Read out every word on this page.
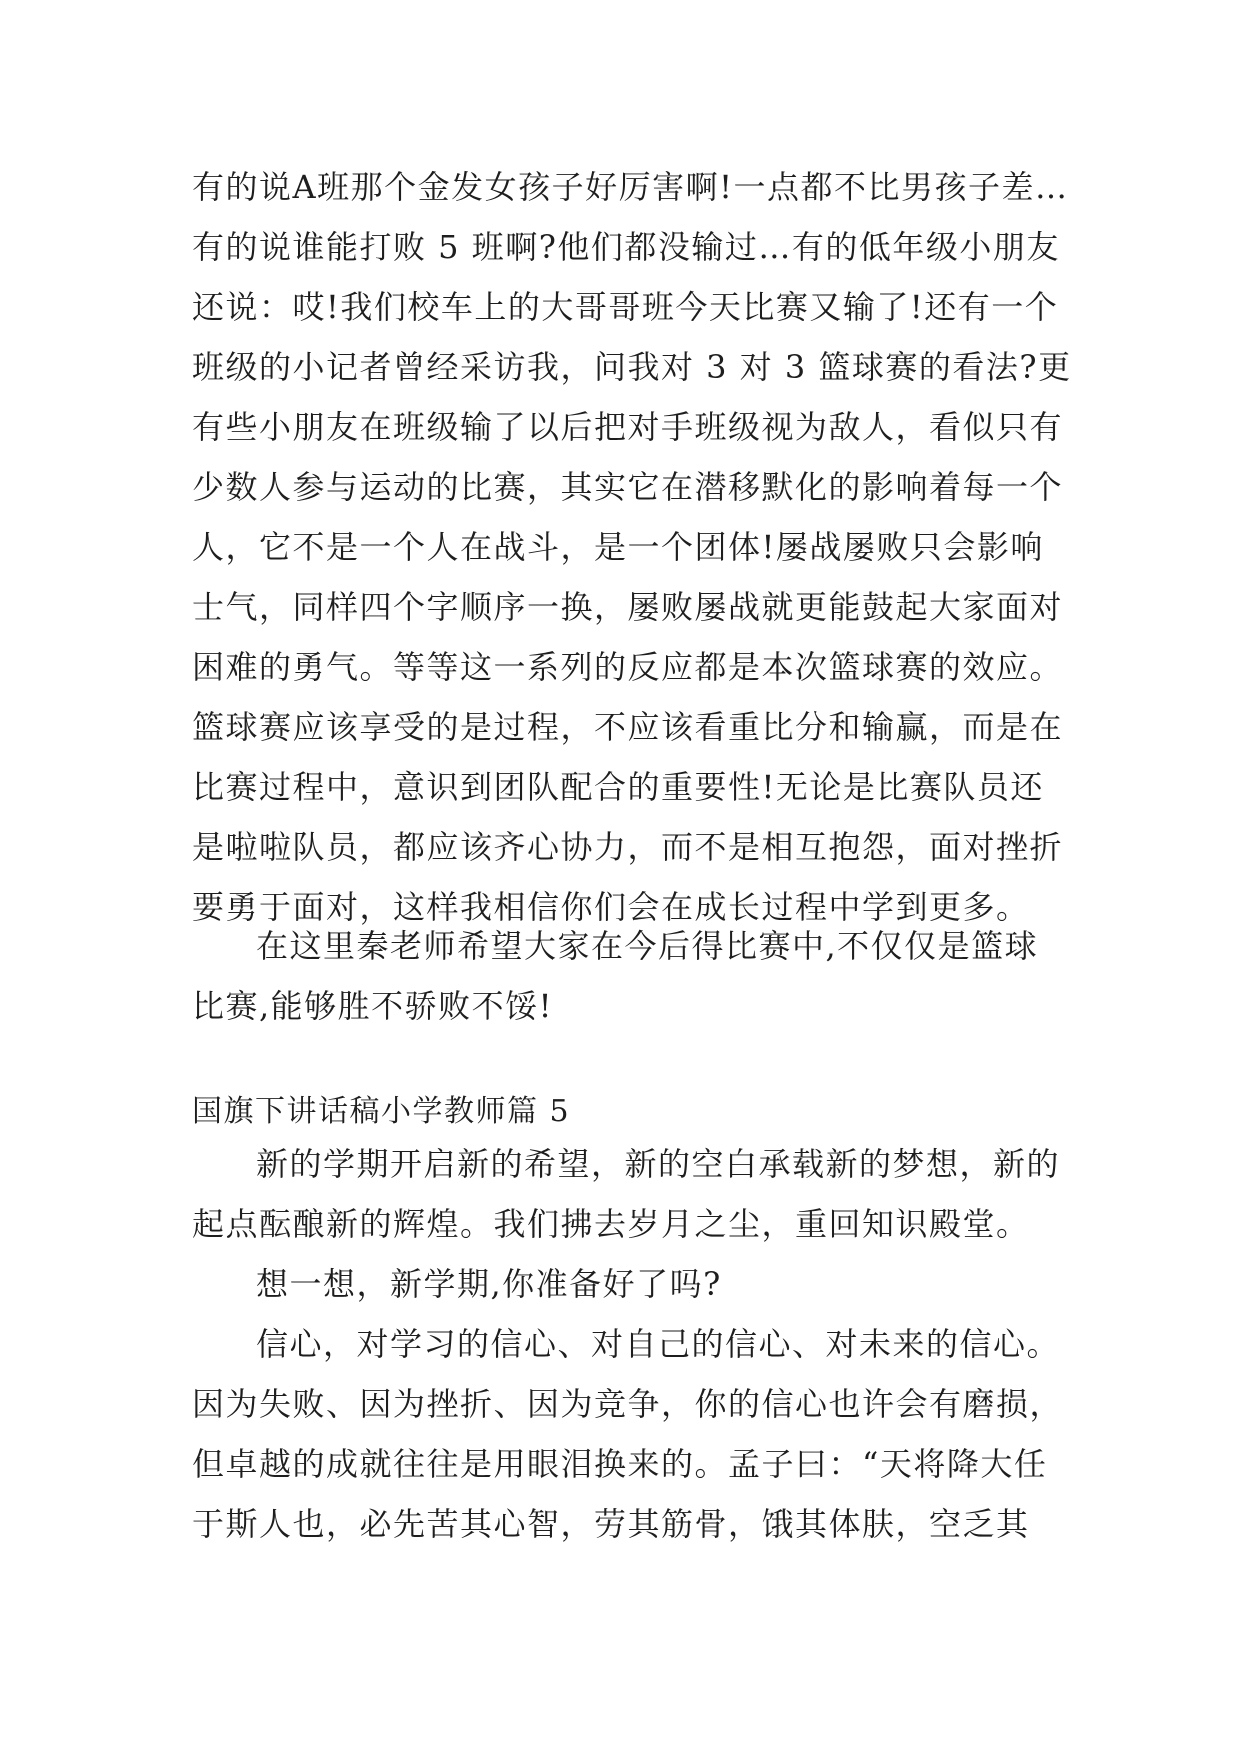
有的说A班那个金发女孩子好厉害啊!一点都不比男孩子差…
有的说谁能打败 5 班啊?他们都没输过…有的低年级小朋友
还说：哎!我们校车上的大哥哥班今天比赛又输了!还有一个
班级的小记者曾经采访我，问我对 3 对 3 篮球赛的看法?更
有些小朋友在班级输了以后把对手班级视为敌人，看似只有
少数人参与运动的比赛，其实它在潜移默化的影响着每一个
人，它不是一个人在战斗，是一个团体!屡战屡败只会影响
士气，同样四个字顺序一换，屡败屡战就更能鼓起大家面对
困难的勇气。等等这一系列的反应都是本次篮球赛的效应。
篮球赛应该享受的是过程，不应该看重比分和输赢，而是在
比赛过程中，意识到团队配合的重要性!无论是比赛队员还
是啦啦队员，都应该齐心协力，而不是相互抱怨，面对挫折
要勇于面对，这样我相信你们会在成长过程中学到更多。
在这里秦老师希望大家在今后得比赛中,不仅仅是篮球
比赛,能够胜不骄败不馁!
国旗下讲话稿小学教师篇 5
新的学期开启新的希望，新的空白承载新的梦想，新的
起点酝酿新的辉煌。我们拂去岁月之尘，重回知识殿堂。
想一想，新学期,你准备好了吗?
信心，对学习的信心、对自己的信心、对未来的信心。
因为失败、因为挫折、因为竞争，你的信心也许会有磨损，
但卓越的成就往往是用眼泪换来的。孟子曰：“天将降大任
于斯人也，必先苦其心智，劳其筋骨，饿其体肤，空乏其
